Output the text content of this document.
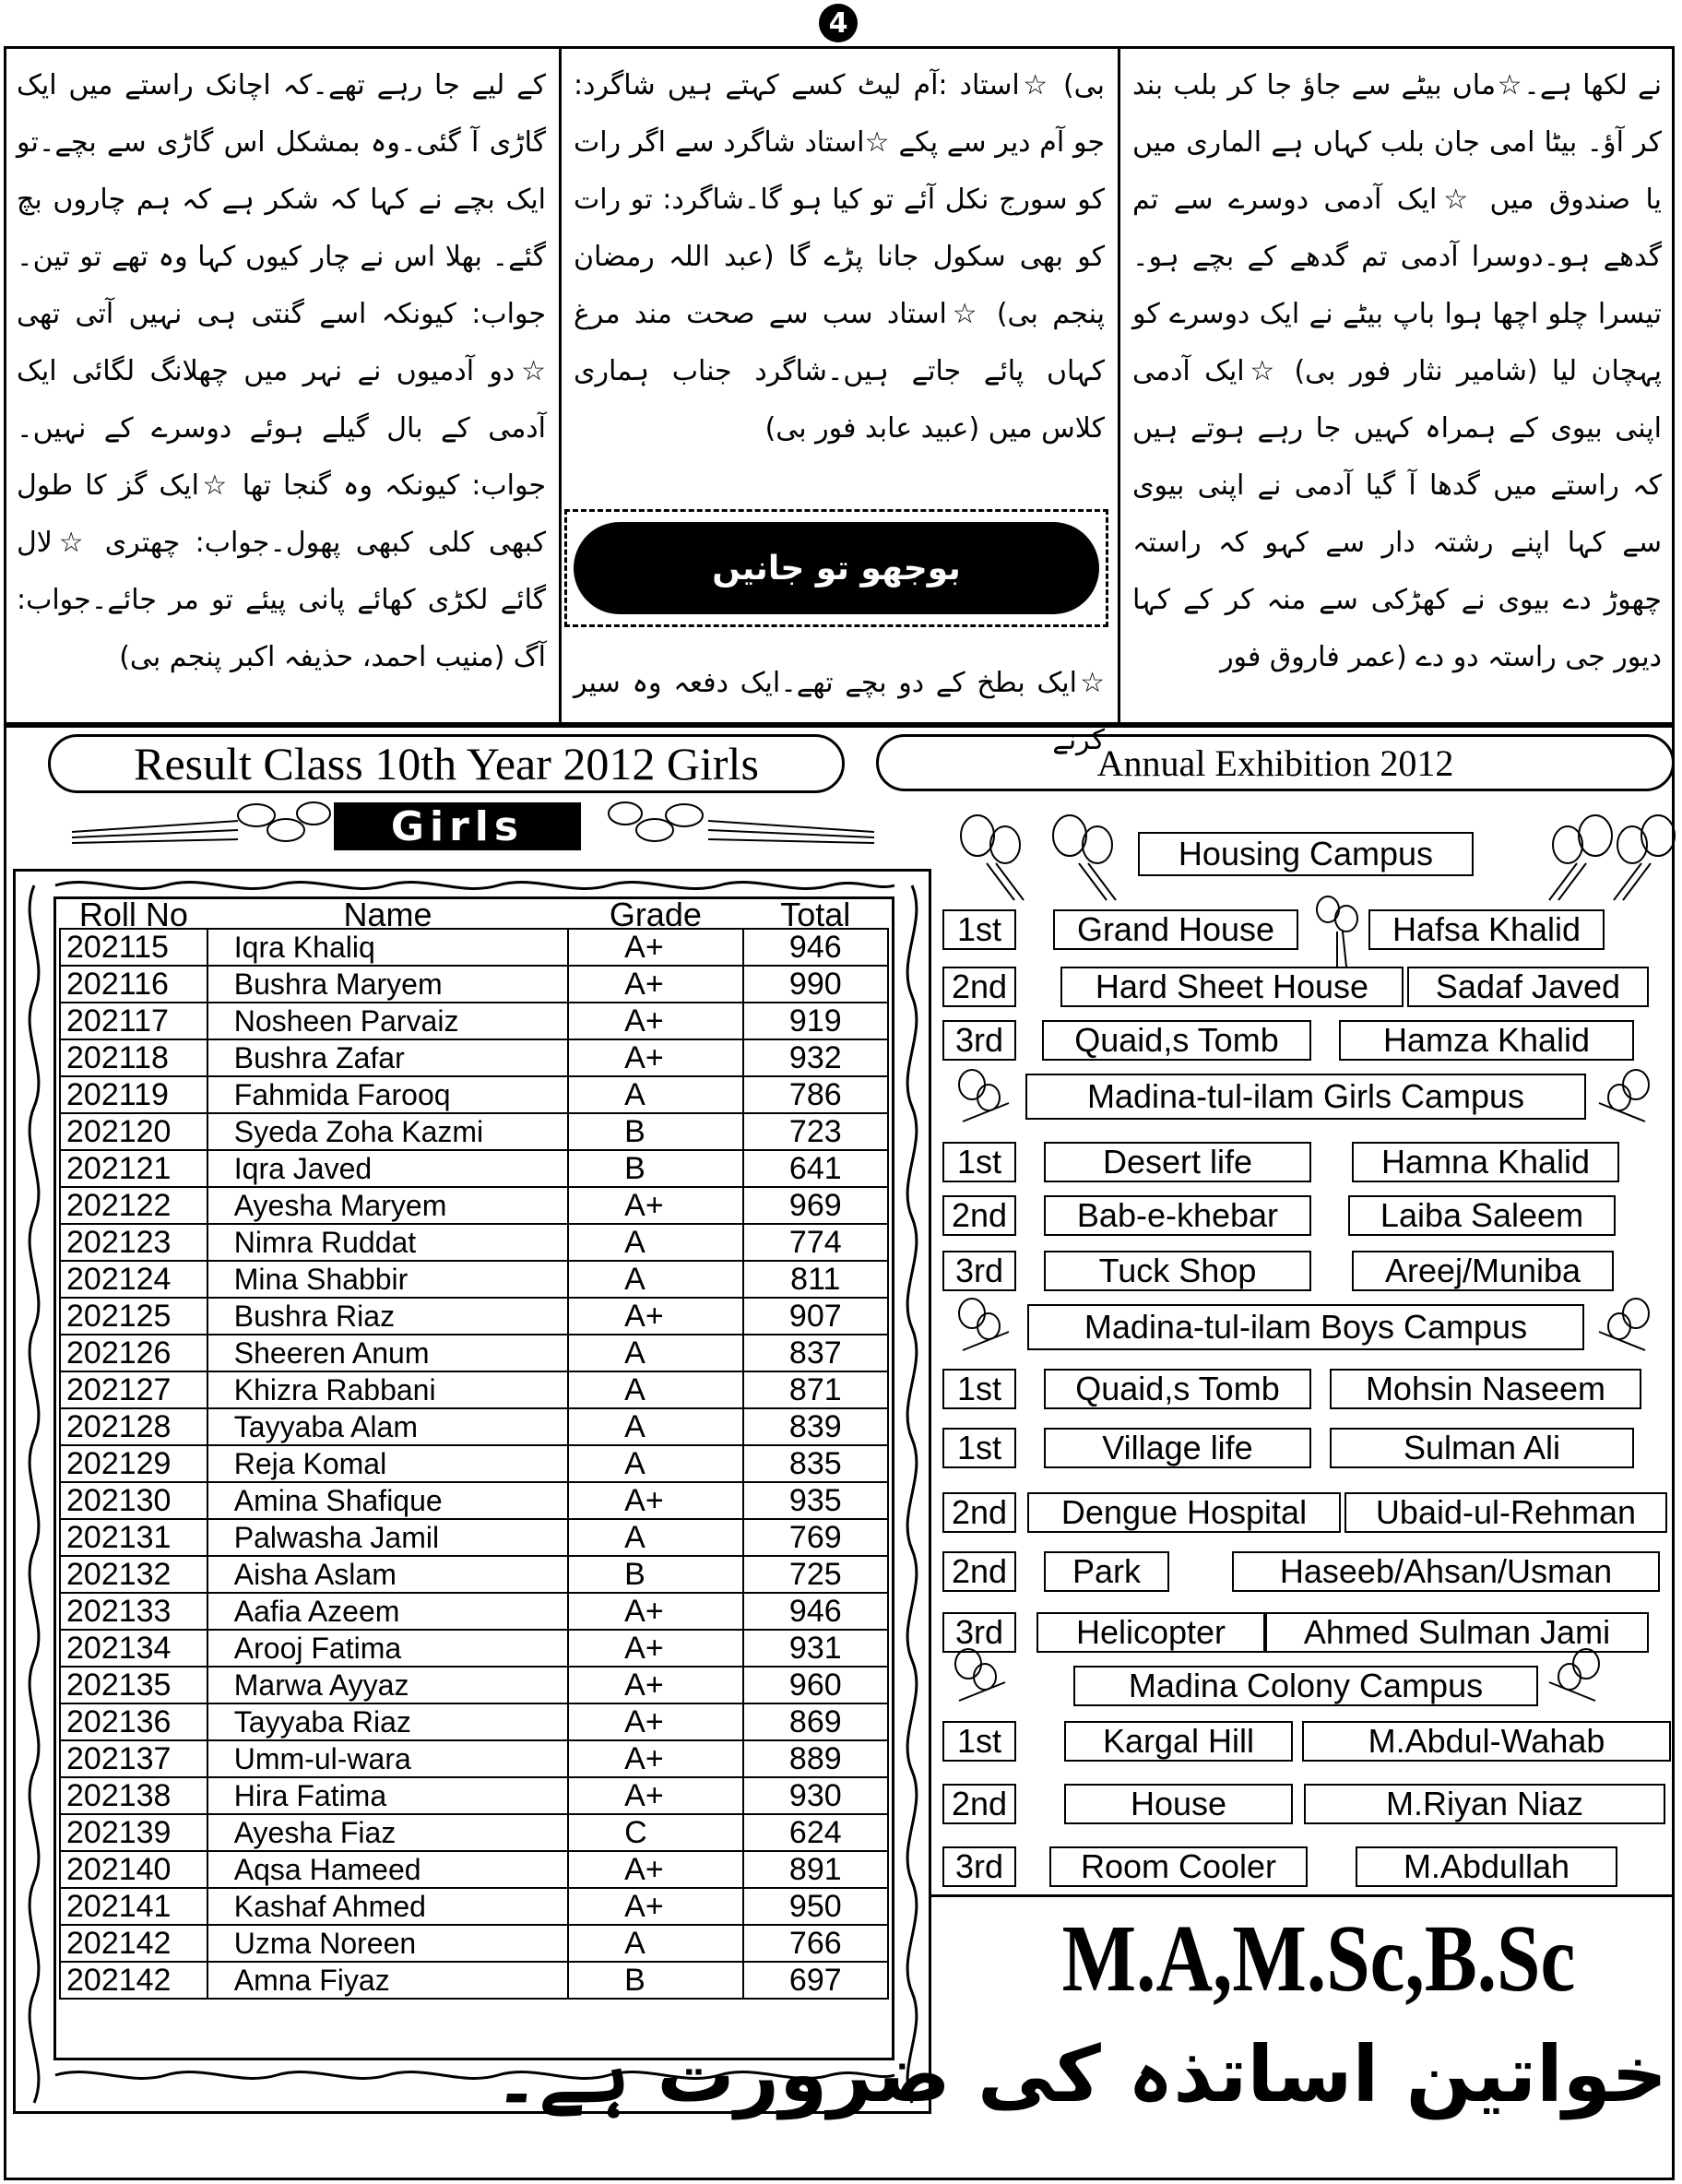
4

نے لکھا ہے۔☆ماں بیٹے سے جاؤ جا کر بلب بند کر آؤ۔ بیٹا امی جان بلب کہاں ہے الماری میں یا صندوق میں ☆ایک آدمی دوسرے سے تم گدھے ہو۔دوسرا آدمی تم گدھے کے بچے ہو۔تیسرا چلو اچھا ہوا باپ بیٹے نے ایک دوسرے کو پہچان لیا (شامیر نثار فور بی) ☆ایک آدمی اپنی بیوی کے ہمراہ کہیں جا رہے ہوتے ہیں کہ راستے میں گدھا آ گیا آدمی نے اپنی بیوی سے کہا اپنے رشتہ دار سے کہو کہ راستہ چھوڑ دے بیوی نے کھڑکی سے منہ کر کے کہا دیور جی راستہ دو دے (عمر فاروق فور

بی) ☆استاد :آم لیٹ کسے کہتے ہیں شاگرد: جو آم دیر سے پکے ☆استاد شاگرد سے اگر رات کو سورج نکل آئے تو کیا ہو گا۔شاگرد: تو رات کو بھی سکول جانا پڑے گا (عبد اللہ رمضان پنجم بی) ☆استاد سب سے صحت مند مرغ کہاں پائے جاتے ہیں۔شاگرد جناب ہماری کلاس میں (عبید عابد فور بی)

☆ایک بطخ کے دو بچے تھے۔ایک دفعہ وہ سیر کرنے

کے لیے جا رہے تھے۔کہ اچانک راستے میں ایک گاڑی آ گئی۔وہ بمشکل اس گاڑی سے بچے۔تو ایک بچے نے کہا کہ شکر ہے کہ ہم چاروں بچ گئے۔ بھلا اس نے چار کیوں کہا وہ تھے تو تین۔جواب: کیونکہ اسے گنتی ہی نہیں آتی تھی ☆دو آدمیوں نے نہر میں چھلانگ لگائی ایک آدمی کے بال گیلے ہوئے دوسرے کے نہیں۔جواب: کیونکہ وہ گنجا تھا ☆ایک گز کا طول کبھی کلی کبھی پھول۔جواب: چھتری ☆لال گائے لکڑی کھائے پانی پیئے تو مر جائے۔جواب: آگ (منیب احمد، حذیفہ اکبر پنجم بی)

بوجھو تو جانیں
Result Class 10th Year 2012 Girls	Annual Exhibition 2012
Girls
Roll No	Name	Grade	Total
202115	Iqra Khaliq	A+	946
202116	Bushra Maryem	A+	990
202117	Nosheen Parvaiz	A+	919
202118	Bushra Zafar	A+	932
202119	Fahmida Farooq	A	786
202120	Syeda Zoha Kazmi	B	723
202121	Iqra Javed	B	641
202122	Ayesha Maryem	A+	969
202123	Nimra Ruddat	A	774
202124	Mina Shabbir	A	811
202125	Bushra Riaz	A+	907
202126	Sheeren Anum	A	837
202127	Khizra Rabbani	A	871
202128	Tayyaba Alam	A	839
202129	Reja Komal	A	835
202130	Amina Shafique	A+	935
202131	Palwasha Jamil	A	769
202132	Aisha Aslam	B	725
202133	Aafia Azeem	A+	946
202134	Arooj Fatima	A+	931
202135	Marwa Ayyaz	A+	960
202136	Tayyaba Riaz	A+	869
202137	Umm-ul-wara	A+	889
202138	Hira Fatima	A+	930
202139	Ayesha Fiaz	C	624
202140	Aqsa Hameed	A+	891
202141	Kashaf Ahmed	A+	950
202142	Uzma Noreen	A	766
202142	Amna Fiyaz	B	697
Housing Campus
Madina-tul-ilam Girls Campus
Madina-tul-ilam Boys Campus
Madina Colony Campus
1st	Grand House	Hafsa Khalid
2nd	Hard Sheet House	Sadaf Javed
3rd	Quaid,s Tomb	Hamza Khalid
1st	Desert life	Hamna Khalid
2nd	Bab-e-khebar	Laiba Saleem
3rd	Tuck Shop	Areej/Muniba
1st	Quaid,s Tomb	Mohsin Naseem
1st	Village life	Sulman Ali
2nd	Dengue Hospital	Ubaid-ul-Rehman
2nd	Park	Haseeb/Ahsan/Usman
3rd	Helicopter	Ahmed Sulman Jami
1st	Kargal Hill	M.Abdul-Wahab
2nd	House	M.Riyan Niaz
3rd	Room Cooler	M.Abdullah
M.A,M.Sc,B.Sc
خواتین اساتذہ کی ضرورت ہے۔
